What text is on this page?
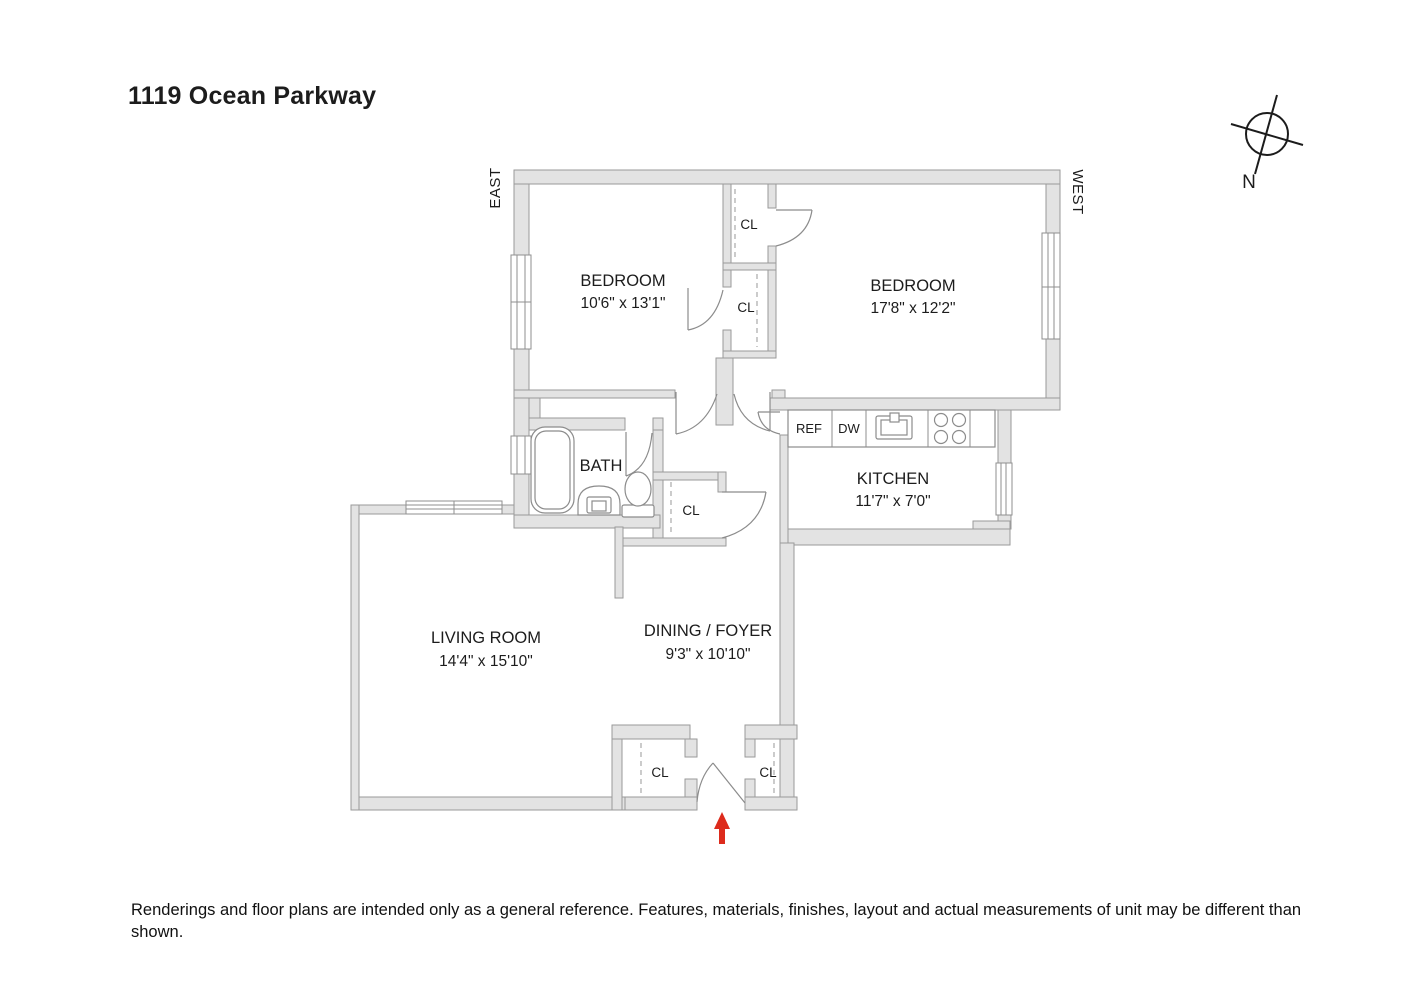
1119 Ocean Parkway
N
EAST	WEST
BEDROOM
10'6" x 13'1"
BEDROOM
17'8" x 12'2"
BATH
KITCHEN
11'7" x 7'0"
LIVING ROOM
14'4" x 15'10"
DINING / FOYER
9'3" x 10'10"
CL
CL
CL
CL	CL
REF DW
Renderings and floor plans are intended only as a general reference. Features, materials, finishes, layout and actual measurements of unit may be different than shown.
